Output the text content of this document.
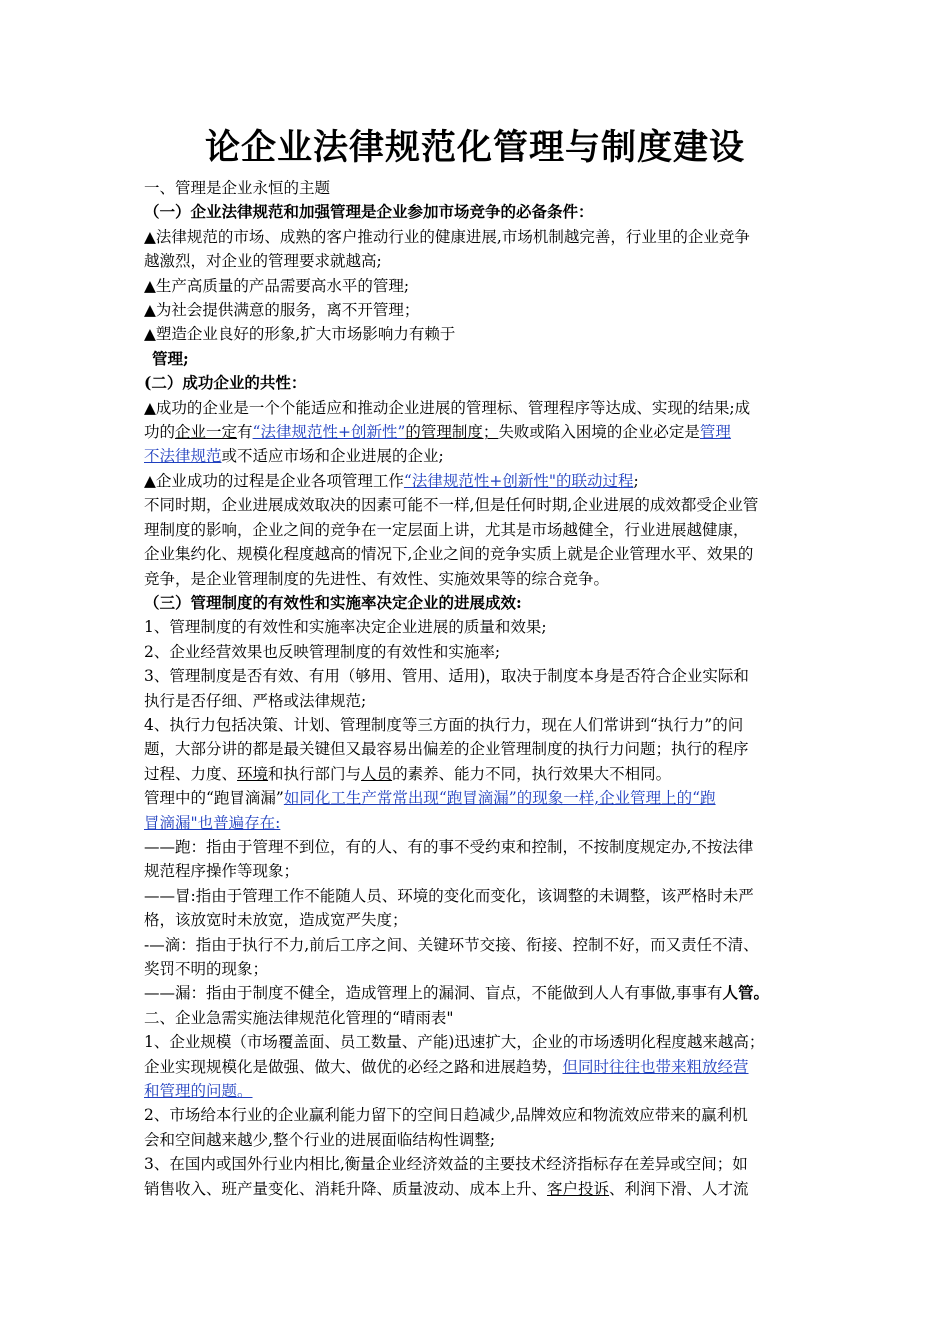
论企业法律规范化管理与制度建设
一、管理是企业永恒的主题
（一）企业法律规范和加强管理是企业参加市场竞争的必备条件：
▲法律规范的市场、成熟的客户推动行业的健康进展,市场机制越完善，行业里的企业竞争
越激烈，对企业的管理要求就越高;
▲生产高质量的产品需要高水平的管理;
▲为社会提供满意的服务，离不开管理；
▲塑造企业良好的形象,扩大市场影响力有赖于
管理;
(二）成功企业的共性：
▲成功的企业是一个个能适应和推动企业进展的管理标、管理程序等达成、实现的结果;成
功的企业一定有“法律规范性+创新性”的管理制度；失败或陷入困境的企业必定是管理
不法律规范或不适应市场和企业进展的企业;
▲企业成功的过程是企业各项管理工作“法律规范性+创新性"的联动过程;
不同时期，企业进展成效取决的因素可能不一样,但是任何时期,企业进展的成效都受企业管
理制度的影响，企业之间的竞争在一定层面上讲，尤其是市场越健全，行业进展越健康，
企业集约化、规模化程度越高的情况下,企业之间的竞争实质上就是企业管理水平、效果的
竞争，是企业管理制度的先进性、有效性、实施效果等的综合竞争。
（三）管理制度的有效性和实施率决定企业的进展成效:
1、管理制度的有效性和实施率决定企业进展的质量和效果;
2、企业经营效果也反映管理制度的有效性和实施率;
3、管理制度是否有效、有用（够用、管用、适用)，取决于制度本身是否符合企业实际和
执行是否仔细、严格或法律规范;
4、执行力包括决策、计划、管理制度等三方面的执行力，现在人们常讲到“执行力”的问
题，大部分讲的都是最关键但又最容易出偏差的企业管理制度的执行力问题；执行的程序
过程、力度、环境和执行部门与人员的素养、能力不同，执行效果大不相同。
管理中的“跑冒滴漏”如同化工生产常常出现“跑冒滴漏”的现象一样,企业管理上的“跑
冒滴漏"也普遍存在:
——跑：指由于管理不到位，有的人、有的事不受约束和控制，不按制度规定办,不按法律
规范程序操作等现象；
——冒:指由于管理工作不能随人员、环境的变化而变化，该调整的未调整，该严格时未严
格，该放宽时未放宽，造成宽严失度；
-—滴：指由于执行不力,前后工序之间、关键环节交接、衔接、控制不好，而又责任不清、
奖罚不明的现象；
——漏：指由于制度不健全，造成管理上的漏洞、盲点，不能做到人人有事做,事事有人管。
二、企业急需实施法律规范化管理的“晴雨表"
1、企业规模（市场覆盖面、员工数量、产能)迅速扩大，企业的市场透明化程度越来越高；
企业实现规模化是做强、做大、做优的必经之路和进展趋势，但同时往往也带来粗放经营
和管理的问题。
2、市场给本行业的企业赢利能力留下的空间日趋减少,品牌效应和物流效应带来的赢利机
会和空间越来越少,整个行业的进展面临结构性调整;
3、在国内或国外行业内相比,衡量企业经济效益的主要技术经济指标存在差异或空间；如
销售收入、班产量变化、消耗升降、质量波动、成本上升、客户投诉、利润下滑、人才流
